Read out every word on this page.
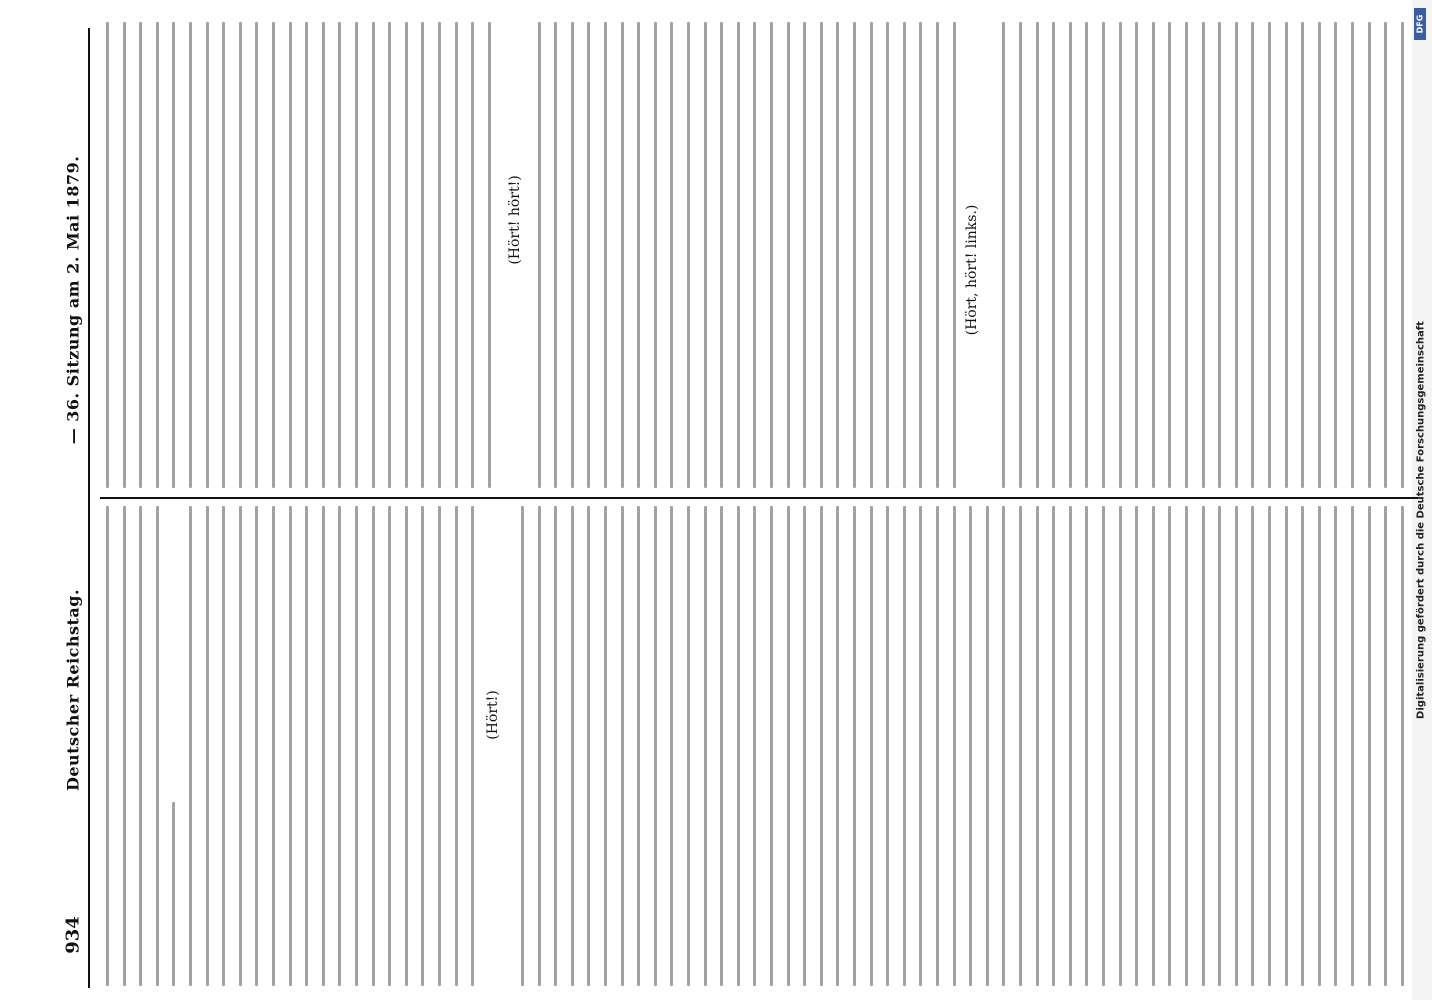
934
Deutscher Reichstag.
— 36. Sitzung am 2. Mai 1879.
(Hört!)
(Hört! hört!)	(Hört, hört! links.)
Digitalisierung gefördert durch die Deutsche Forschungsgemeinschaft
DFG
